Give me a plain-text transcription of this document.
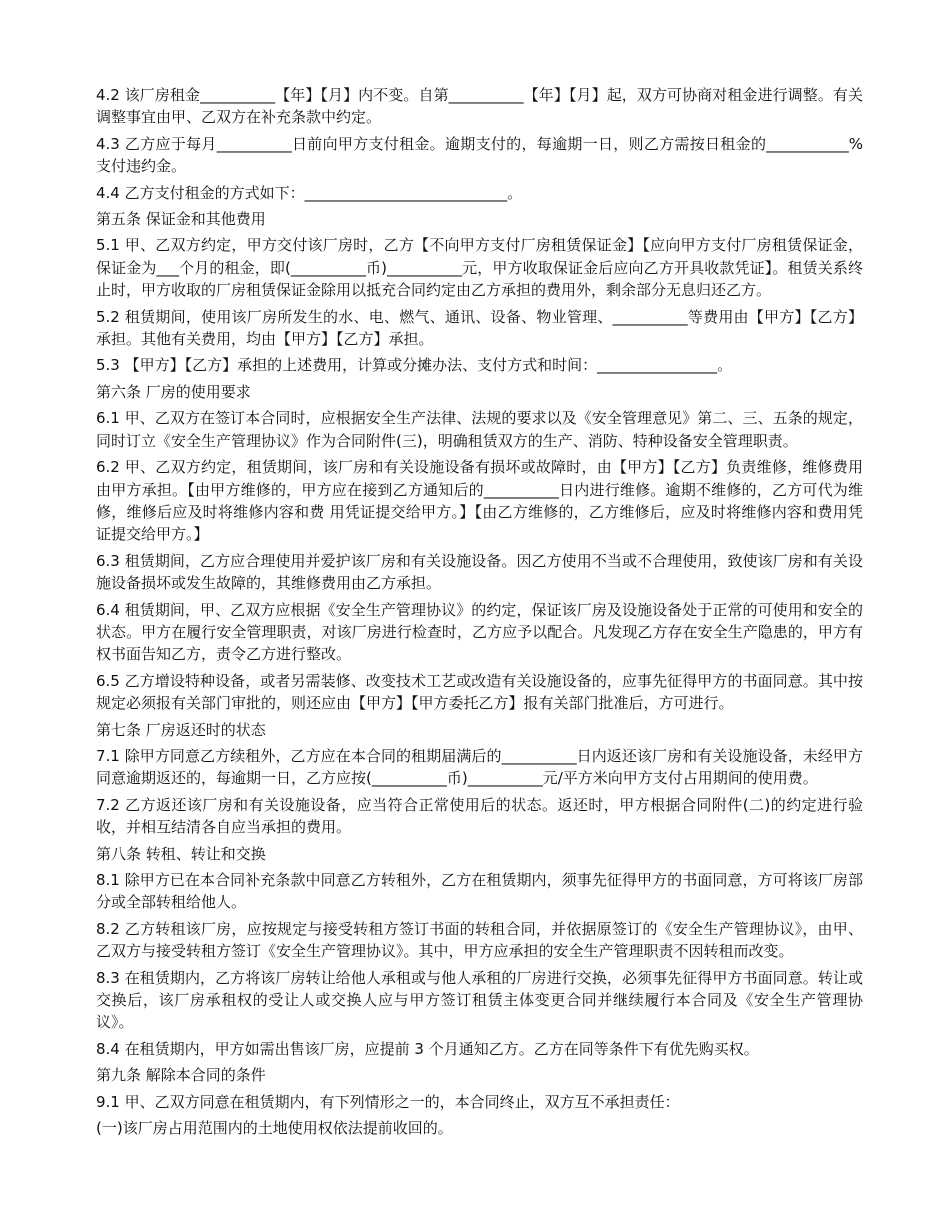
4.2 该厂房租金__________【年】【月】内不变。自第__________【年】【月】起，双方可协商对租金进行调整。有关调整事宜由甲、乙双方在补充条款中约定。

4.3 乙方应于每月__________日前向甲方支付租金。逾期支付的，每逾期一日，则乙方需按日租金的___________%支付违约金。

4.4 乙方支付租金的方式如下：___________________________。

第五条 保证金和其他费用

5.1 甲、乙双方约定，甲方交付该厂房时，乙方【不向甲方支付厂房租赁保证金】【应向甲方支付厂房租赁保证金，保证金为___个月的租金，即(__________币)__________元，甲方收取保证金后应向乙方开具收款凭证】。租赁关系终止时，甲方收取的厂房租赁保证金除用以抵充合同约定由乙方承担的费用外，剩余部分无息归还乙方。

5.2 租赁期间，使用该厂房所发生的水、电、燃气、通讯、设备、物业管理、__________等费用由【甲方】【乙方】承担。其他有关费用，均由【甲方】【乙方】承担。

5.3 【甲方】【乙方】承担的上述费用，计算或分摊办法、支付方式和时间：________________。

第六条 厂房的使用要求

6.1 甲、乙双方在签订本合同时，应根据安全生产法律、法规的要求以及《安全管理意见》第二、三、五条的规定，同时订立《安全生产管理协议》作为合同附件(三)，明确租赁双方的生产、消防、特种设备安全管理职责。

6.2 甲、乙双方约定，租赁期间，该厂房和有关设施设备有损坏或故障时，由【甲方】【乙方】负责维修，维修费用由甲方承担。【由甲方维修的，甲方应在接到乙方通知后的__________日内进行维修。逾期不维修的，乙方可代为维修，维修后应及时将维修内容和费 用凭证提交给甲方。】【由乙方维修的，乙方维修后，应及时将维修内容和费用凭证提交给甲方。】

6.3 租赁期间，乙方应合理使用并爱护该厂房和有关设施设备。因乙方使用不当或不合理使用，致使该厂房和有关设施设备损坏或发生故障的，其维修费用由乙方承担。

6.4 租赁期间，甲、乙双方应根据《安全生产管理协议》的约定，保证该厂房及设施设备处于正常的可使用和安全的状态。甲方在履行安全管理职责，对该厂房进行检查时，乙方应予以配合。凡发现乙方存在安全生产隐患的，甲方有权书面告知乙方，责令乙方进行整改。

6.5 乙方增设特种设备，或者另需装修、改变技术工艺或改造有关设施设备的，应事先征得甲方的书面同意。其中按规定必须报有关部门审批的，则还应由【甲方】【甲方委托乙方】报有关部门批准后，方可进行。

第七条 厂房返还时的状态

7.1 除甲方同意乙方续租外，乙方应在本合同的租期届满后的__________日内返还该厂房和有关设施设备，未经甲方同意逾期返还的，每逾期一日，乙方应按(__________币)__________元/平方米向甲方支付占用期间的使用费。

7.2 乙方返还该厂房和有关设施设备，应当符合正常使用后的状态。返还时，甲方根据合同附件(二)的约定进行验收，并相互结清各自应当承担的费用。

第八条 转租、转让和交换

8.1 除甲方已在本合同补充条款中同意乙方转租外，乙方在租赁期内，须事先征得甲方的书面同意，方可将该厂房部分或全部转租给他人。

8.2 乙方转租该厂房，应按规定与接受转租方签订书面的转租合同，并依据原签订的《安全生产管理协议》，由甲、乙双方与接受转租方签订《安全生产管理协议》。其中，甲方应承担的安全生产管理职责不因转租而改变。

8.3 在租赁期内，乙方将该厂房转让给他人承租或与他人承租的厂房进行交换，必须事先征得甲方书面同意。转让或交换后，该厂房承租权的受让人或交换人应与甲方签订租赁主体变更合同并继续履行本合同及《安全生产管理协议》。

8.4 在租赁期内，甲方如需出售该厂房，应提前 3 个月通知乙方。乙方在同等条件下有优先购买权。

第九条 解除本合同的条件

9.1 甲、乙双方同意在租赁期内，有下列情形之一的，本合同终止，双方互不承担责任：

(一)该厂房占用范围内的土地使用权依法提前收回的。
